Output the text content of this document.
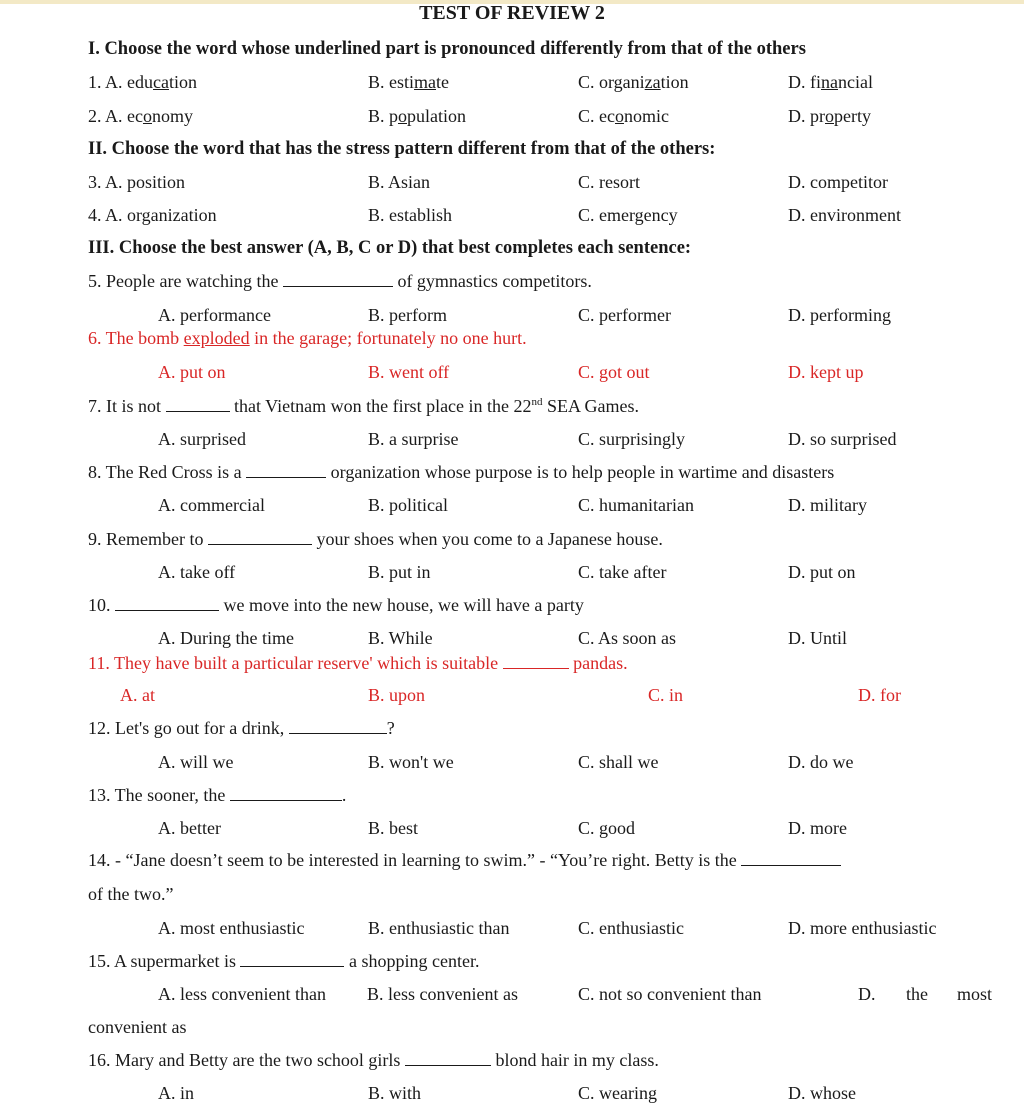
TEST OF REVIEW 2
I. Choose the word whose underlined part is pronounced differently from that of the others
1. A. education	B. estimate	C. organization	D. financial
2. A. economy	B. population	C. economic	D. property
II. Choose the word that has the stress pattern different from that of the others:
3. A. position	B. Asian	C. resort	D. competitor
4. A. organization	B. establish	C. emergency	D. environment
III. Choose the best answer (A, B, C or D) that best completes each sentence:
5. People are watching the	of gymnastics competitors.
A. performance	B. perform	C. performer	D. performing
6. The bomb exploded in the garage; fortunately no one hurt.
A. put on	B. went off	C. got out	D. kept up
7. It is not	that Vietnam won the first place in the 22nd SEA Games.
A. surprised	B. a surprise	C. surprisingly	D. so surprised
8. The Red Cross is a	organization whose purpose is to help people in wartime and disasters
A. commercial	B. political	C. humanitarian	D. military
9. Remember to	your shoes when you come to a Japanese house.
A. take off	B. put in	C. take after	D. put on
10.	we move into the new house, we will have a party
A. During the time	B. While	C. As soon as	D. Until
11. They have built a particular reserve' which is suitable	pandas.
A. at	B. upon	C. in	D. for
12. Let's go out for a drink,	?
A. will we	B. won't we	C. shall we	D. do we
13. The sooner, the	.
A. better	B. best	C. good	D. more
14. - “Jane doesn’t seem to be interested in learning to swim.” - “You’re right. Betty is the
of the two.”
A. most enthusiastic	B. enthusiastic than	C. enthusiastic	D. more enthusiastic
15. A supermarket is	a shopping center.
A. less convenient than B. less convenient as	C. not so convenient than	D. the most
convenient as
16. Mary and Betty are the two school girls	blond hair in my class.
A. in	B. with	C. wearing	D. whose
